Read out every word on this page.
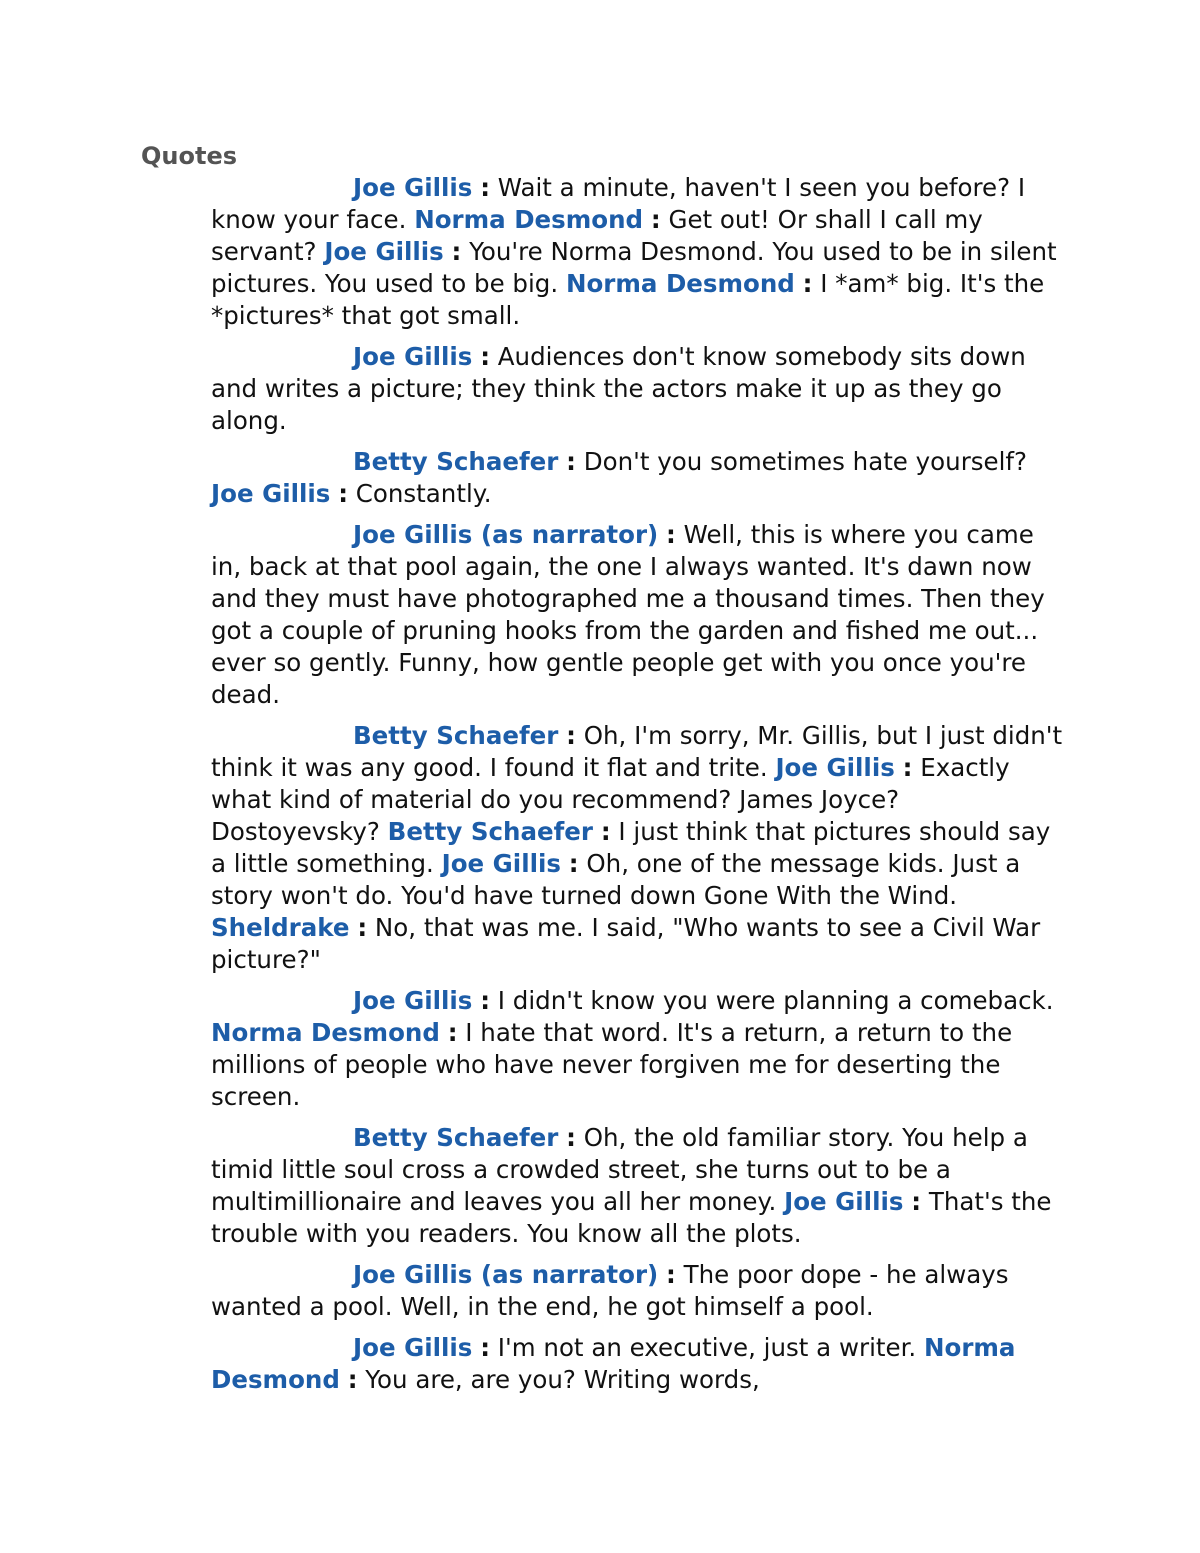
Quotes

Joe Gillis : Wait a minute, haven't I seen you before? I know your face. Norma Desmond : Get out! Or shall I call my servant? Joe Gillis : You're Norma Desmond. You used to be in silent pictures. You used to be big. Norma Desmond : I *am* big. It's the *pictures* that got small.

Joe Gillis : Audiences don't know somebody sits down and writes a picture; they think the actors make it up as they go along.

Betty Schaefer : Don't you sometimes hate yourself? Joe Gillis : Constantly.

Joe Gillis (as narrator) : Well, this is where you came in, back at that pool again, the one I always wanted. It's dawn now and they must have photographed me a thousand times. Then they got a couple of pruning hooks from the garden and fished me out... ever so gently. Funny, how gentle people get with you once you're dead.

Betty Schaefer : Oh, I'm sorry, Mr. Gillis, but I just didn't think it was any good. I found it flat and trite. Joe Gillis : Exactly what kind of material do you recommend? James Joyce? Dostoyevsky? Betty Schaefer : I just think that pictures should say a little something. Joe Gillis : Oh, one of the message kids. Just a story won't do. You'd have turned down Gone With the Wind. Sheldrake : No, that was me. I said, "Who wants to see a Civil War picture?"

Joe Gillis : I didn't know you were planning a comeback. Norma Desmond : I hate that word. It's a return, a return to the millions of people who have never forgiven me for deserting the screen.

Betty Schaefer : Oh, the old familiar story. You help a timid little soul cross a crowded street, she turns out to be a multimillionaire and leaves you all her money. Joe Gillis : That's the trouble with you readers. You know all the plots.

Joe Gillis (as narrator) : The poor dope - he always wanted a pool. Well, in the end, he got himself a pool.

Joe Gillis : I'm not an executive, just a writer. Norma Desmond : You are, are you? Writing words,
